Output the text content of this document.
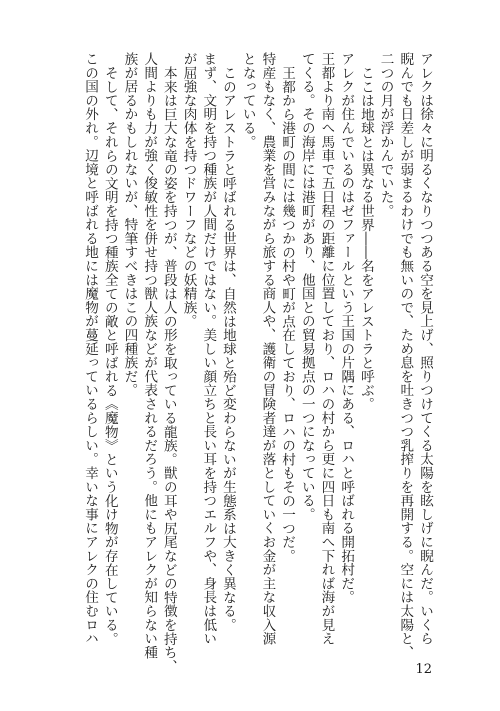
アレクは徐々に明るくなりつつある空を見上げ、照りつけてくる太陽を眩しげに睨んだ。いくら
睨んでも日差しが弱まるわけでも無いので、ため息を吐きつつ乳搾りを再開する。空には太陽と、
二つの月が浮かんでいた。
ここは地球とは異なる世界――名をアレストラと呼ぶ。
アレクが住んでいるのはゼファールという王国の片隅にある、ロハと呼ばれる開拓村だ。
王都より南へ馬車で五日程の距離に位置しており、ロハの村から更に四日も南へ下れば海が見え
てくる。その海岸には港町があり、他国との貿易拠点の一つになっている。
王都から港町の間には幾つかの村や町が点在しており、ロハの村もその一つだ。
特産もなく、農業を営みながら旅する商人や、護衛の冒険者達が落としていくお金が主な収入源
となっている。
このアレストラと呼ばれる世界は、自然は地球と殆ど変わらないが生態系は大きく異なる。
まず、文明を持つ種族が人間だけではない。美しい顔立ちと長い耳を持つエルフや、身長は低い
が屈強な肉体を持つドワーフなどの妖精族。
本来は巨大な竜の姿を持つが、普段は人の形を取っている龍族。獣の耳や尻尾などの特徴を持ち、
人間よりも力が強く俊敏性を併せ持つ獣人族などが代表されるだろう。他にもアレクが知らない種
族が居るかもしれないが、特筆すべきはこの四種族だ。
そして、それらの文明を持つ種族全ての敵と呼ばれる《魔物》という化け物が存在している。
この国の外れ。辺境と呼ばれる地には魔物が蔓延っているらしい。幸いな事にアレクの住むロハ
12
